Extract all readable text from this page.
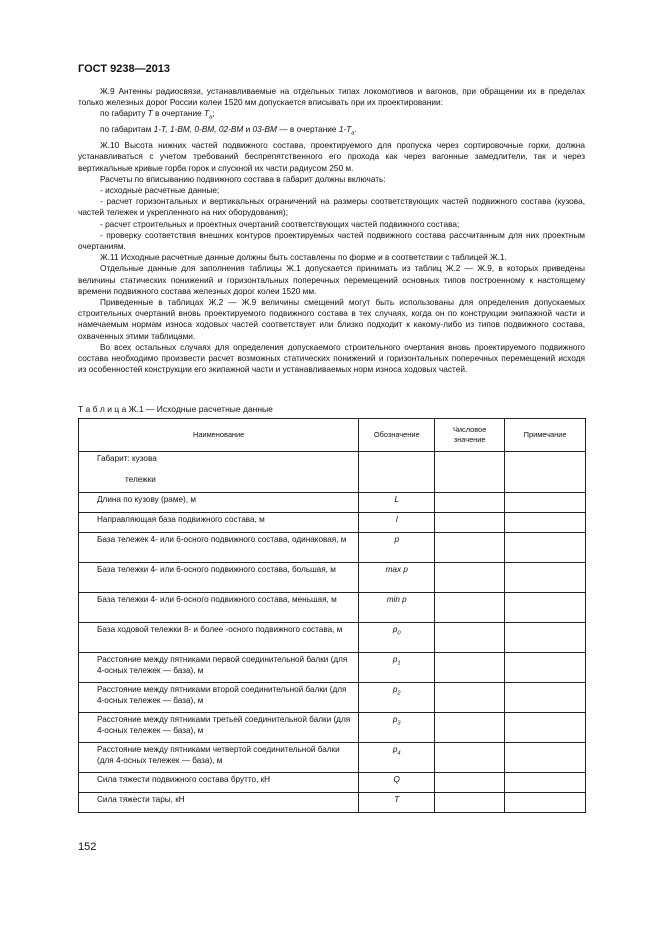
ГОСТ 9238—2013

Ж.9 Антенны радиосвязи, устанавливаемые на отдельных типах локомотивов и вагонов, при обращении их в пределах только железных дорог России колеи 1520 мм допускается вписывать при их проектировании:

по габариту Т в очертание $Т_а$;

по габаритам 1-Т, 1-ВМ, 0-ВМ, 02-ВМ и 03-ВМ — в очертание $1-Т_а$.

Ж.10 Высота нижних частей подвижного состава, проектируемого для пропуска через сортировочные горки, должна устанавливаться с учетом требований беспрепятственного его прохода как через вагонные замедлители, так и через вертикальные кривые горба горок и спускной их части радиусом 250 м.

Расчеты по вписыванию подвижного состава в габарит должны включать:

- исходные расчетные данные;

- расчет горизонтальных и вертикальных ограничений на размеры соответствующих частей подвижного состава (кузова, частей тележек и укрепленного на них оборудования);

- расчет строительных и проектных очертаний соответствующих частей подвижного состава;

- проверку соответствия внешних контуров проектируемых частей подвижного состава рассчитанным для них проектным очертаниям.

Ж.11 Исходные расчетные данные должны быть составлены по форме и в соответствии с таблицей Ж.1.

Отдельные данные для заполнения таблицы Ж.1 допускается принимать из таблиц Ж.2 — Ж.9, в которых приведены величины статических понижений и горизонтальных поперечных перемещений основных типов построенному к настоящему времени подвижного состава железных дорог колеи 1520 мм.

Приведенные в таблицах Ж.2 — Ж.9 величины смещений могут быть использованы для определения допускаемых строительных очертаний вновь проектируемого подвижного состава в тех случаях, когда он по конструкции экипажной части и намечаемым нормам износа ходовых частей соответствует или близко подходит к какому-либо из типов подвижного состава, охваченных этими таблицами.

Во всех остальных случаях для определения допускаемого строительного очертания вновь проектируемого подвижного состава необходимо произвести расчет возможных статических понижений и горизонтальных поперечных перемещений исходя из особенностей конструкции его экипажной части и устанавливаемых норм износа ходовых частей.

Т а б л и ц а Ж.1 — Исходные расчетные данные
Наименование	Обозначение	Числовое значение	Примечание
Габарит: кузова
тележки			

Длина по кузову (раме), м	L		
Направляющая база подвижного состава, м	l		
База тележек 4- или 6-осного подвижного состава, одинаковая, м	p		
База тележки 4- или 6-осного подвижного состава, большая, м	max p		
База тележки 4- или 6-осного подвижного состава, меньшая, м	min p		
База ходовой тележки 8- и более -осного подвижного состава, м	$p_0$		
Расстояние между пятниками первой соединительной балки (для 4-осных тележек — база), м	$p_1$		
Расстояние между пятниками второй соединительной балки (для 4-осных тележек — база), м	$p_2$		
Расстояние между пятниками третьей соединительной балки (для 4-осных тележек — база), м	$p_3$		
Расстояние между пятниками четвертой соединительной балки (для 4-осных тележек — база), м	$p_4$		
Сила тяжести подвижного состава брутто, кН	Q		
Сила тяжести тары, кН	T		
152
